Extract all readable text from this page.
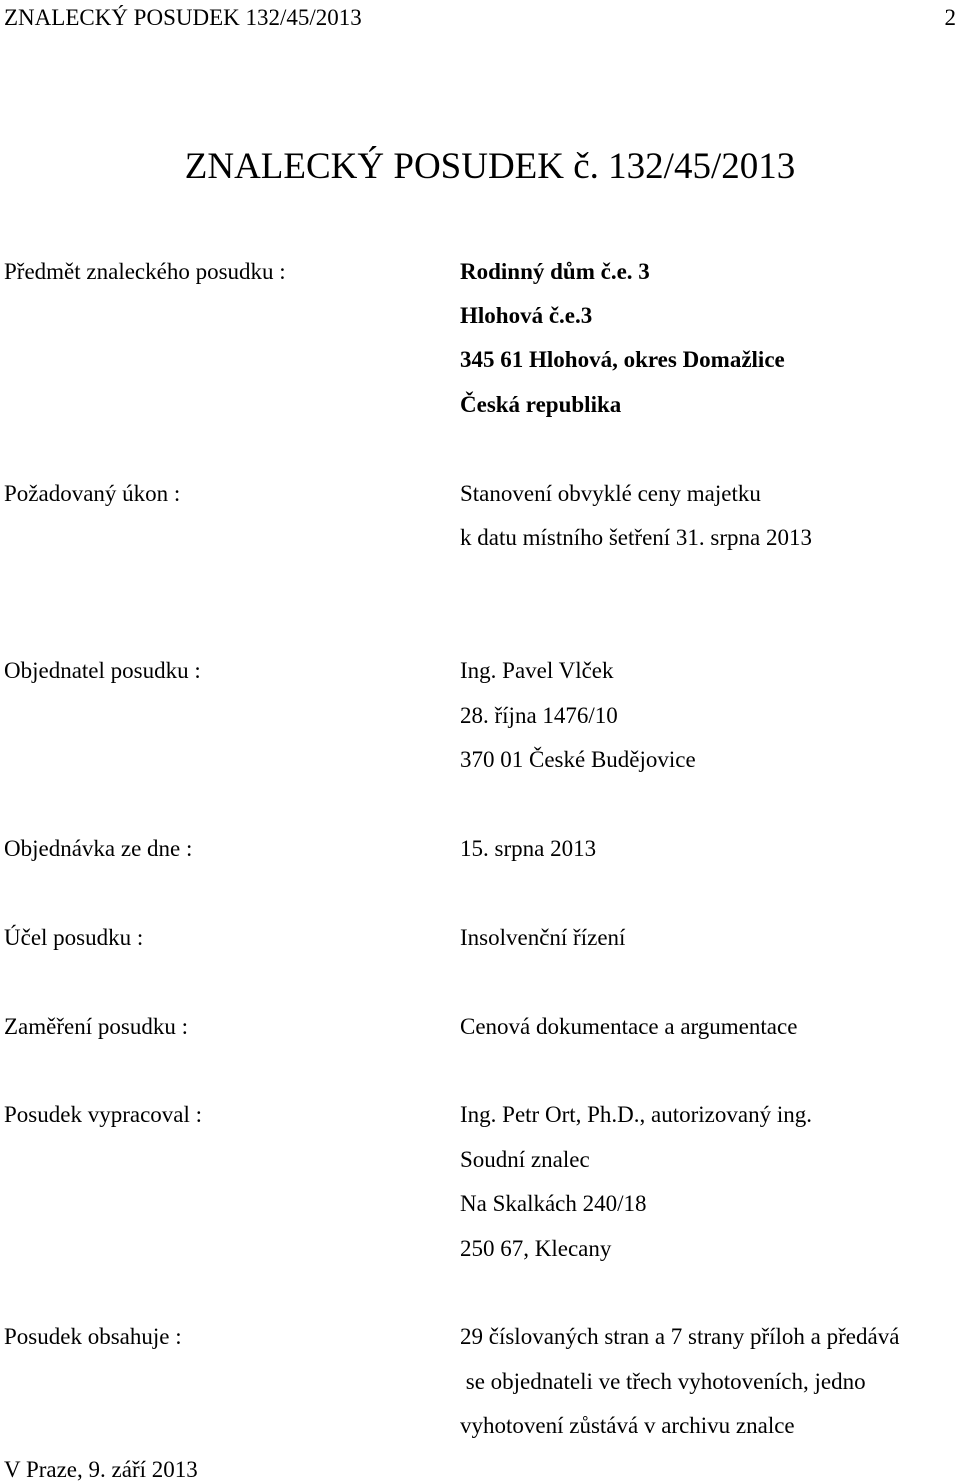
ZNALECKÝ POSUDEK 132/45/2013	2
ZNALECKÝ POSUDEK č. 132/45/2013
Předmět znaleckého posudku :	Rodinný dům č.e. 3
Hlohová č.e.3
345 61 Hlohová, okres Domažlice
Česká republika
Požadovaný úkon :	Stanovení obvyklé ceny majetku
k datu místního šetření 31. srpna 2013
Objednatel posudku :	Ing. Pavel Vlček
28. října 1476/10
370 01 České Budějovice
Objednávka ze dne :	15. srpna 2013
Účel posudku :	Insolvenční řízení
Zaměření posudku :	Cenová dokumentace a argumentace
Posudek vypracoval :	Ing. Petr Ort, Ph.D., autorizovaný ing.
Soudní znalec
Na Skalkách 240/18
250 67, Klecany
Posudek obsahuje :	29 číslovaných stran a 7 strany příloh a předává
se objednateli ve třech vyhotoveních, jedno
vyhotovení zůstává v archivu znalce
V Praze, 9. září 2013
